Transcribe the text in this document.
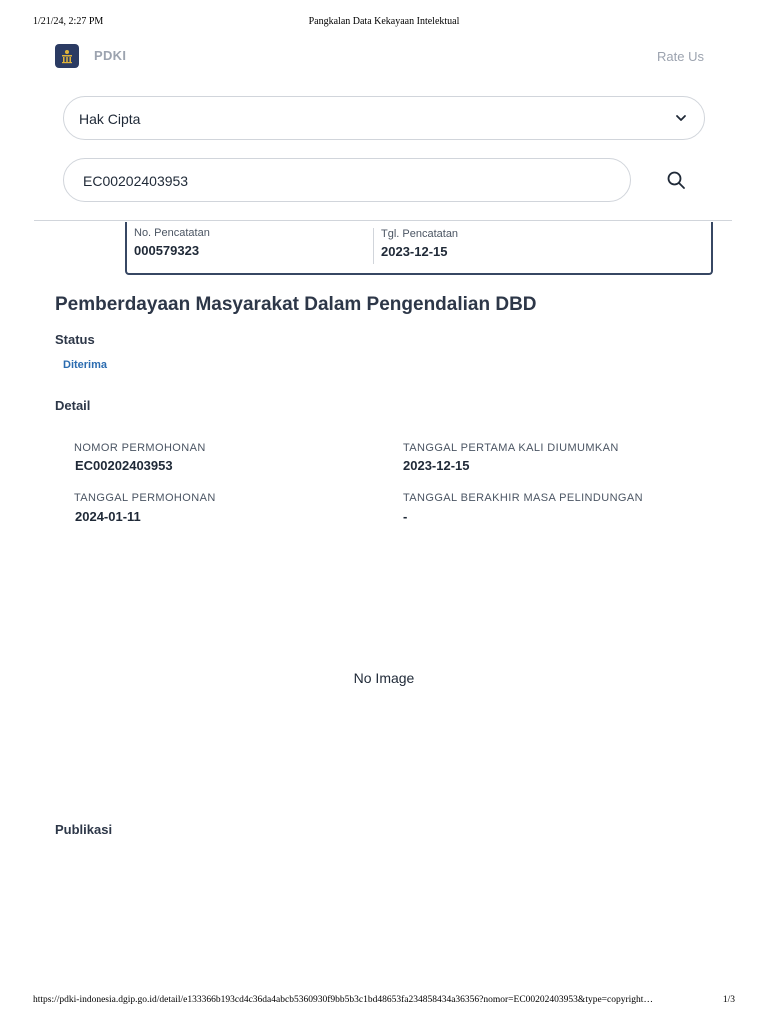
1/21/24, 2:27 PM	Pangkalan Data Kekayaan Intelektual
PDKI	Rate Us
Hak Cipta
EC00202403953
No. Pencatatan
000579323
Tgl. Pencatatan
2023-12-15
Pemberdayaan Masyarakat Dalam Pengendalian DBD
Status
Diterima
Detail
NOMOR PERMOHONAN
EC00202403953
TANGGAL PERTAMA KALI DIUMUMKAN
2023-12-15
TANGGAL PERMOHONAN
2024-01-11
TANGGAL BERAKHIR MASA PELINDUNGAN
-
No Image
Publikasi
https://pdki-indonesia.dgip.go.id/detail/e133366b193cd4c36da4abcb5360930f9bb5b3c1bd48653fa234858434a36356?nomor=EC00202403953&type=copyright…	1/3
